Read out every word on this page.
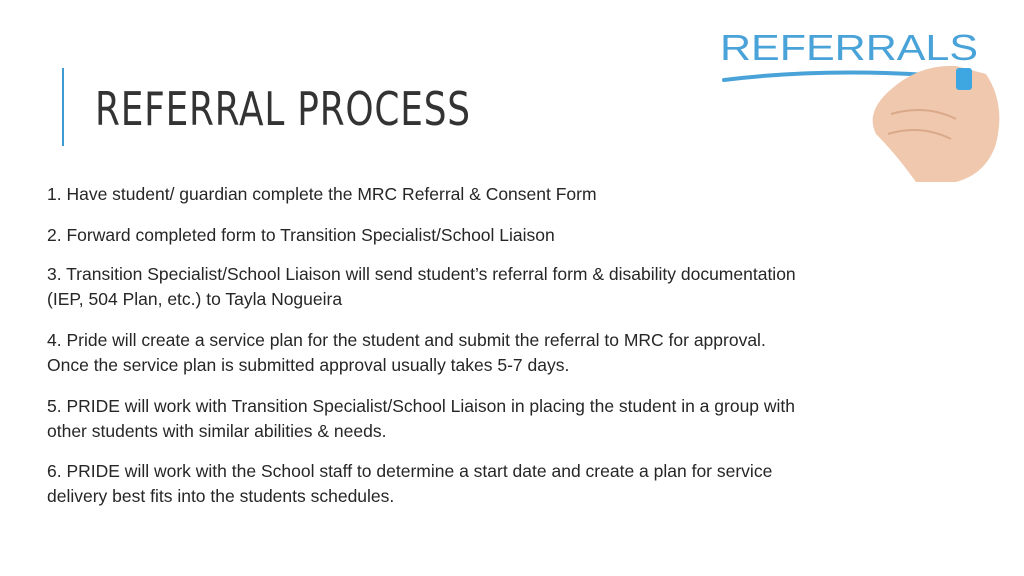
REFERRAL PROCESS
REFERRALS
1. Have student/ guardian complete the MRC Referral & Consent Form
2. Forward completed form to Transition Specialist/School Liaison
3. Transition Specialist/School Liaison will send student’s referral form & disability documentation
(IEP, 504 Plan, etc.) to Tayla Nogueira
4. Pride will create a service plan for the student and submit the referral to MRC for approval.
Once the service plan is submitted approval usually takes 5-7 days.
5. PRIDE will work with Transition Specialist/School Liaison in placing the student in a group with
other students with similar abilities & needs.
6. PRIDE will work with the School staff to determine a start date and create a plan for service
delivery best fits into the students schedules.
